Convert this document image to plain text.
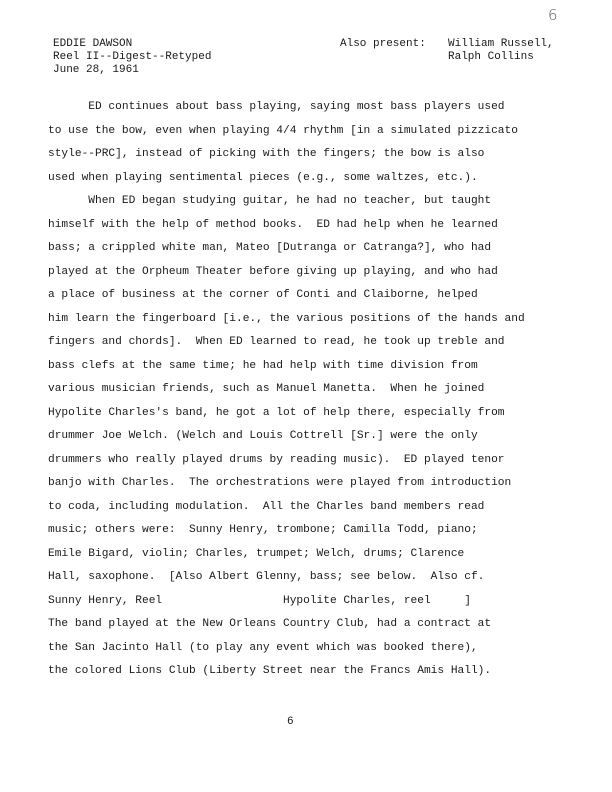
6
EDDIE DAWSON
Reel II--Digest--Retyped
June 28, 1961
Also present: William Russell,
Ralph Collins
ED continues about bass playing, saying most bass players used
to use the bow, even when playing 4/4 rhythm [in a simulated pizzicato
style--PRC], instead of picking with the fingers; the bow is also
used when playing sentimental pieces (e.g., some waltzes, etc.).
When ED began studying guitar, he had no teacher, but taught
himself with the help of method books.  ED had help when he learned
bass; a crippled white man, Mateo [Dutranga or Catranga?], who had
played at the Orpheum Theater before giving up playing, and who had
a place of business at the corner of Conti and Claiborne, helped
him learn the fingerboard [i.e., the various positions of the hands and
fingers and chords].  When ED learned to read, he took up treble and
bass clefs at the same time; he had help with time division from
various musician friends, such as Manuel Manetta.  When he joined
Hypolite Charles's band, he got a lot of help there, especially from
drummer Joe Welch. (Welch and Louis Cottrell [Sr.] were the only
drummers who really played drums by reading music).  ED played tenor
banjo with Charles.  The orchestrations were played from introduction
to coda, including modulation.  All the Charles band members read
music; others were:  Sunny Henry, trombone; Camilla Todd, piano;
Emile Bigard, violin; Charles, trumpet; Welch, drums; Clarence
Hall, saxophone.  [Also Albert Glenny, bass; see below.  Also cf.
Sunny Henry, Reel                  Hypolite Charles, reel     ]
The band played at the New Orleans Country Club, had a contract at
the San Jacinto Hall (to play any event which was booked there),
the colored Lions Club (Liberty Street near the Francs Amis Hall).
6
